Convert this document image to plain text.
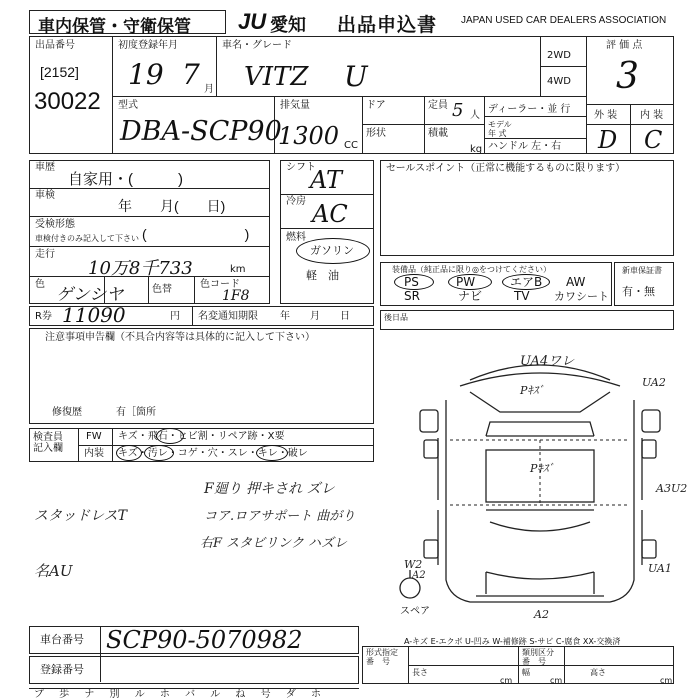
車内保管・守衛保管 JU 愛知 出品申込書 JAPAN USED CAR DEALERS ASSOCIATION
出品番号
[2152]
30022
初度登録年月
19 7 月
車名・グレード
VITZ U
2WD
4WD
評 価 点
3
外 装 内 装
D C
型式
DBA-SCP90
排気量
1300 CC
ドア	定員 5 人
形状	積載
kg
ディーラー・並 行
モデル
年 式
ハンドル 左・右
車歴
自家用・(　　　)
車検
年　　月(　　日)
受検形態
車検付きのみ記入して下さい (　　　　　　　)
走行
10万8千733	km
色
ゲンシヤ	色替	色コード
1F8
R券 11090	円 名変通知期限 年　　月　　日
シフト
AT
冷房 AC
燃料
ガソリン
軽　油
セールスポイント（正常に機能するものに限ります）
装備品（純正品に限り◎をつけてください）
PS	PW	エアB AW
SR	ナビ	TV カワシート
新車保証書
有・無
注意事項申告欄（不具合内容等は具体的に記入して下さい）
修復歴	有［箇所
後日品
検査員
記入欄
FW キズ・飛石・ヒビ割・リペア跡・X要
内装 キズ・汚レ・コゲ・穴・スレ・キレ・破レ
F廻り 押キされ ズレ
スタッドレスT	コア.ロアサポート 曲がり
右F スタビリンク ハズレ
名AU
UA4ワレ
Pｷｽﾞ
UA2
Pｷｽﾞ
A3U2
W2
A2
UA1
A2
スペア
A-キズ E-エクボ U-凹み W-補修跡 S-サビ C-腐食 XX-交換済
車台番号 SCP90-5070982
登録番号
形式指定
番　号
類別区分
番　号
長さ	幅	高さ
cm	cm	cm
プ 歩 ナ 別 ル ホ バ ル ね 号 ダ ホ
